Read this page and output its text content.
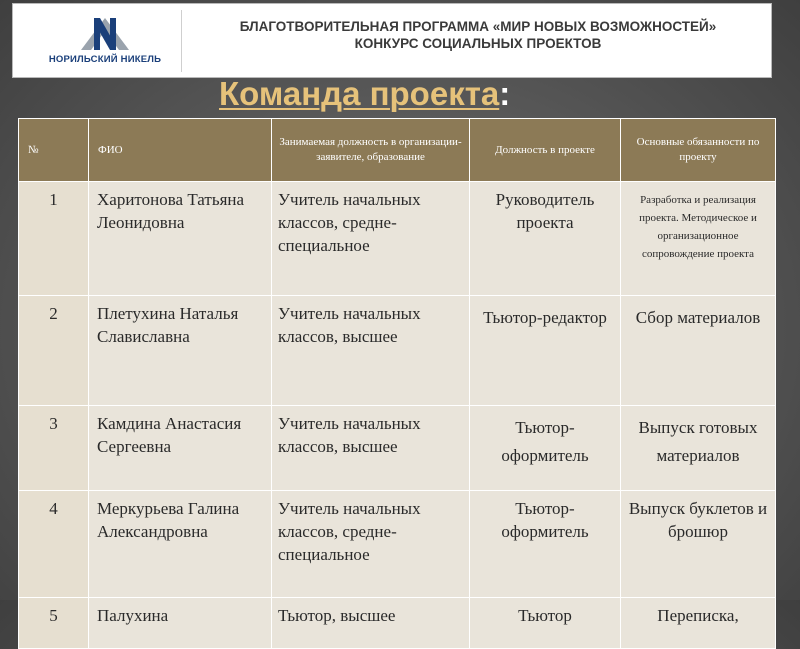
НОРИЛЬСКИЙ НИКЕЛЬ
БЛАГОТВОРИТЕЛЬНАЯ ПРОГРАММА «МИР НОВЫХ ВОЗМОЖНОСТЕЙ»
КОНКУРС СОЦИАЛЬНЫХ ПРОЕКТОВ
Команда проекта:
№	ФИО	Занимаемая должность в организации-заявителе, образование	Должность в проекте	Основные обязанности по проекту
1	Харитонова Татьяна Леонидовна	Учитель начальных классов, средне-специальное	Руководитель проекта	Разработка и реализация проекта. Методическое и организационное сопровождение проекта
2	Плетухина Наталья Славиславна	Учитель начальных классов, высшее	Тьютор-редактор	Сбор материалов
3	Камдина Анастасия Сергеевна	Учитель начальных классов, высшее	Тьютор-оформитель	Выпуск готовых материалов
4	Меркурьева Галина Александровна	Учитель начальных классов, средне-специальное	Тьютор-оформитель	Выпуск буклетов и брошюр
5	Палухина	Тьютор, высшее	Тьютор	Переписка,
